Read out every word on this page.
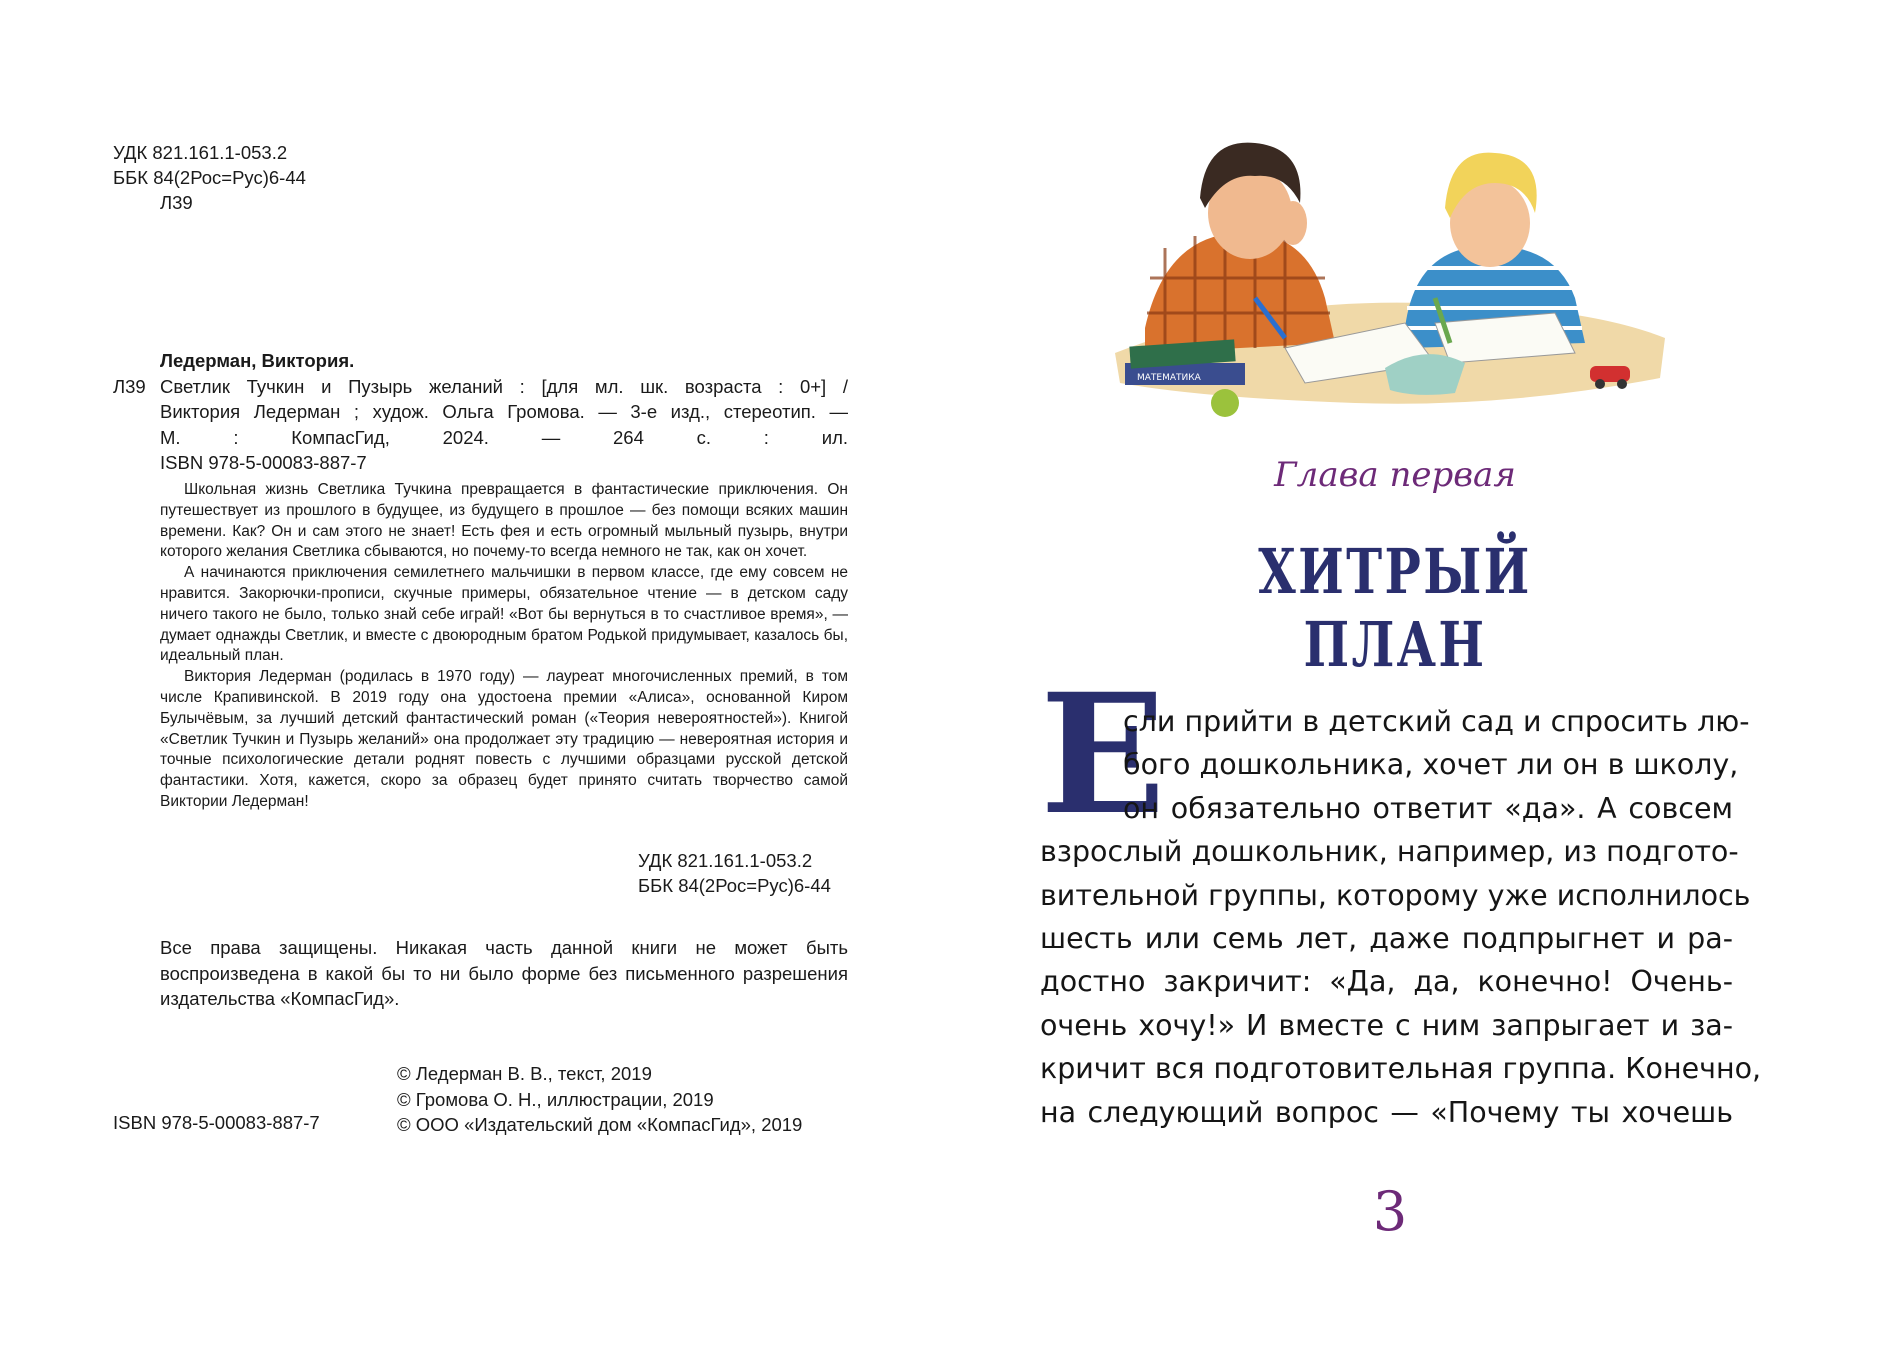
УДК 821.161.1-053.2
ББК 84(2Рос=Рус)6-44
Л39
Ледерман, Виктория.
Л39 Светлик Тучкин и Пузырь желаний : [для мл. шк. возраста : 0+] /
Виктория Ледерман ; худож. Ольга Громова. — 3-е изд., стереотип. —
М. : КомпасГид, 2024. — 264 с. : ил.
ISBN 978-5-00083-887-7

Школьная жизнь Светлика Тучкина превращается в фантастические приключения. Он путешествует из прошлого в будущее, из будущего в прошлое — без помощи всяких машин времени. Как? Он и сам этого не знает! Есть фея и есть огромный мыльный пузырь, внутри которого желания Светлика сбываются, но почему-то всегда немного не так, как он хочет.

А начинаются приключения семилетнего мальчишки в первом классе, где ему совсем не нравится. Закорючки-прописи, скучные примеры, обязательное чтение — в детском саду ничего такого не было, только знай себе играй! «Вот бы вернуться в то счастливое время», — думает однажды Светлик, и вместе с двоюродным братом Родькой придумывает, казалось бы, идеальный план.

Виктория Ледерман (родилась в 1970 году) — лауреат многочисленных премий, в том числе Крапивинской. В 2019 году она удостоена премии «Алиса», основанной Киром Булычёвым, за лучший детский фантастический роман («Теория невероятностей»). Книгой «Светлик Тучкин и Пузырь желаний» она продолжает эту традицию — невероятная история и точные психологические детали роднят повесть с лучшими образцами русской детской фантастики. Хотя, кажется, скоро за образец будет принято считать творчество самой Виктории Ледерман!

УДК 821.161.1-053.2
ББК 84(2Рос=Рус)6-44
Все права защищены. Никакая часть данной книги не может быть воспроизведена в какой бы то ни было форме без письменного разрешения издательства «КомпасГид».
© Ледерман В. В., текст, 2019
© Громова О. Н., иллюстрации, 2019
© ООО «Издательский дом «КомпасГид», 2019
ISBN 978-5-00083-887-7
МАТЕМАТИКА
Глава первая
ХИТРЫЙ ПЛАН
Е
сли прийти в детский сад и спросить лю-
бого дошкольника, хочет ли он в школу,
он обязательно ответит «да». А совсем
взрослый дошкольник, например, из подгото-
вительной группы, которому уже исполнилось
шесть или семь лет, даже подпрыгнет и ра-
достно закричит: «Да, да, конечно! Очень-
очень хочу!» И вместе с ним запрыгает и за-
кричит вся подготовительная группа. Конечно,
на следующий вопрос — «Почему ты хочешь
3
